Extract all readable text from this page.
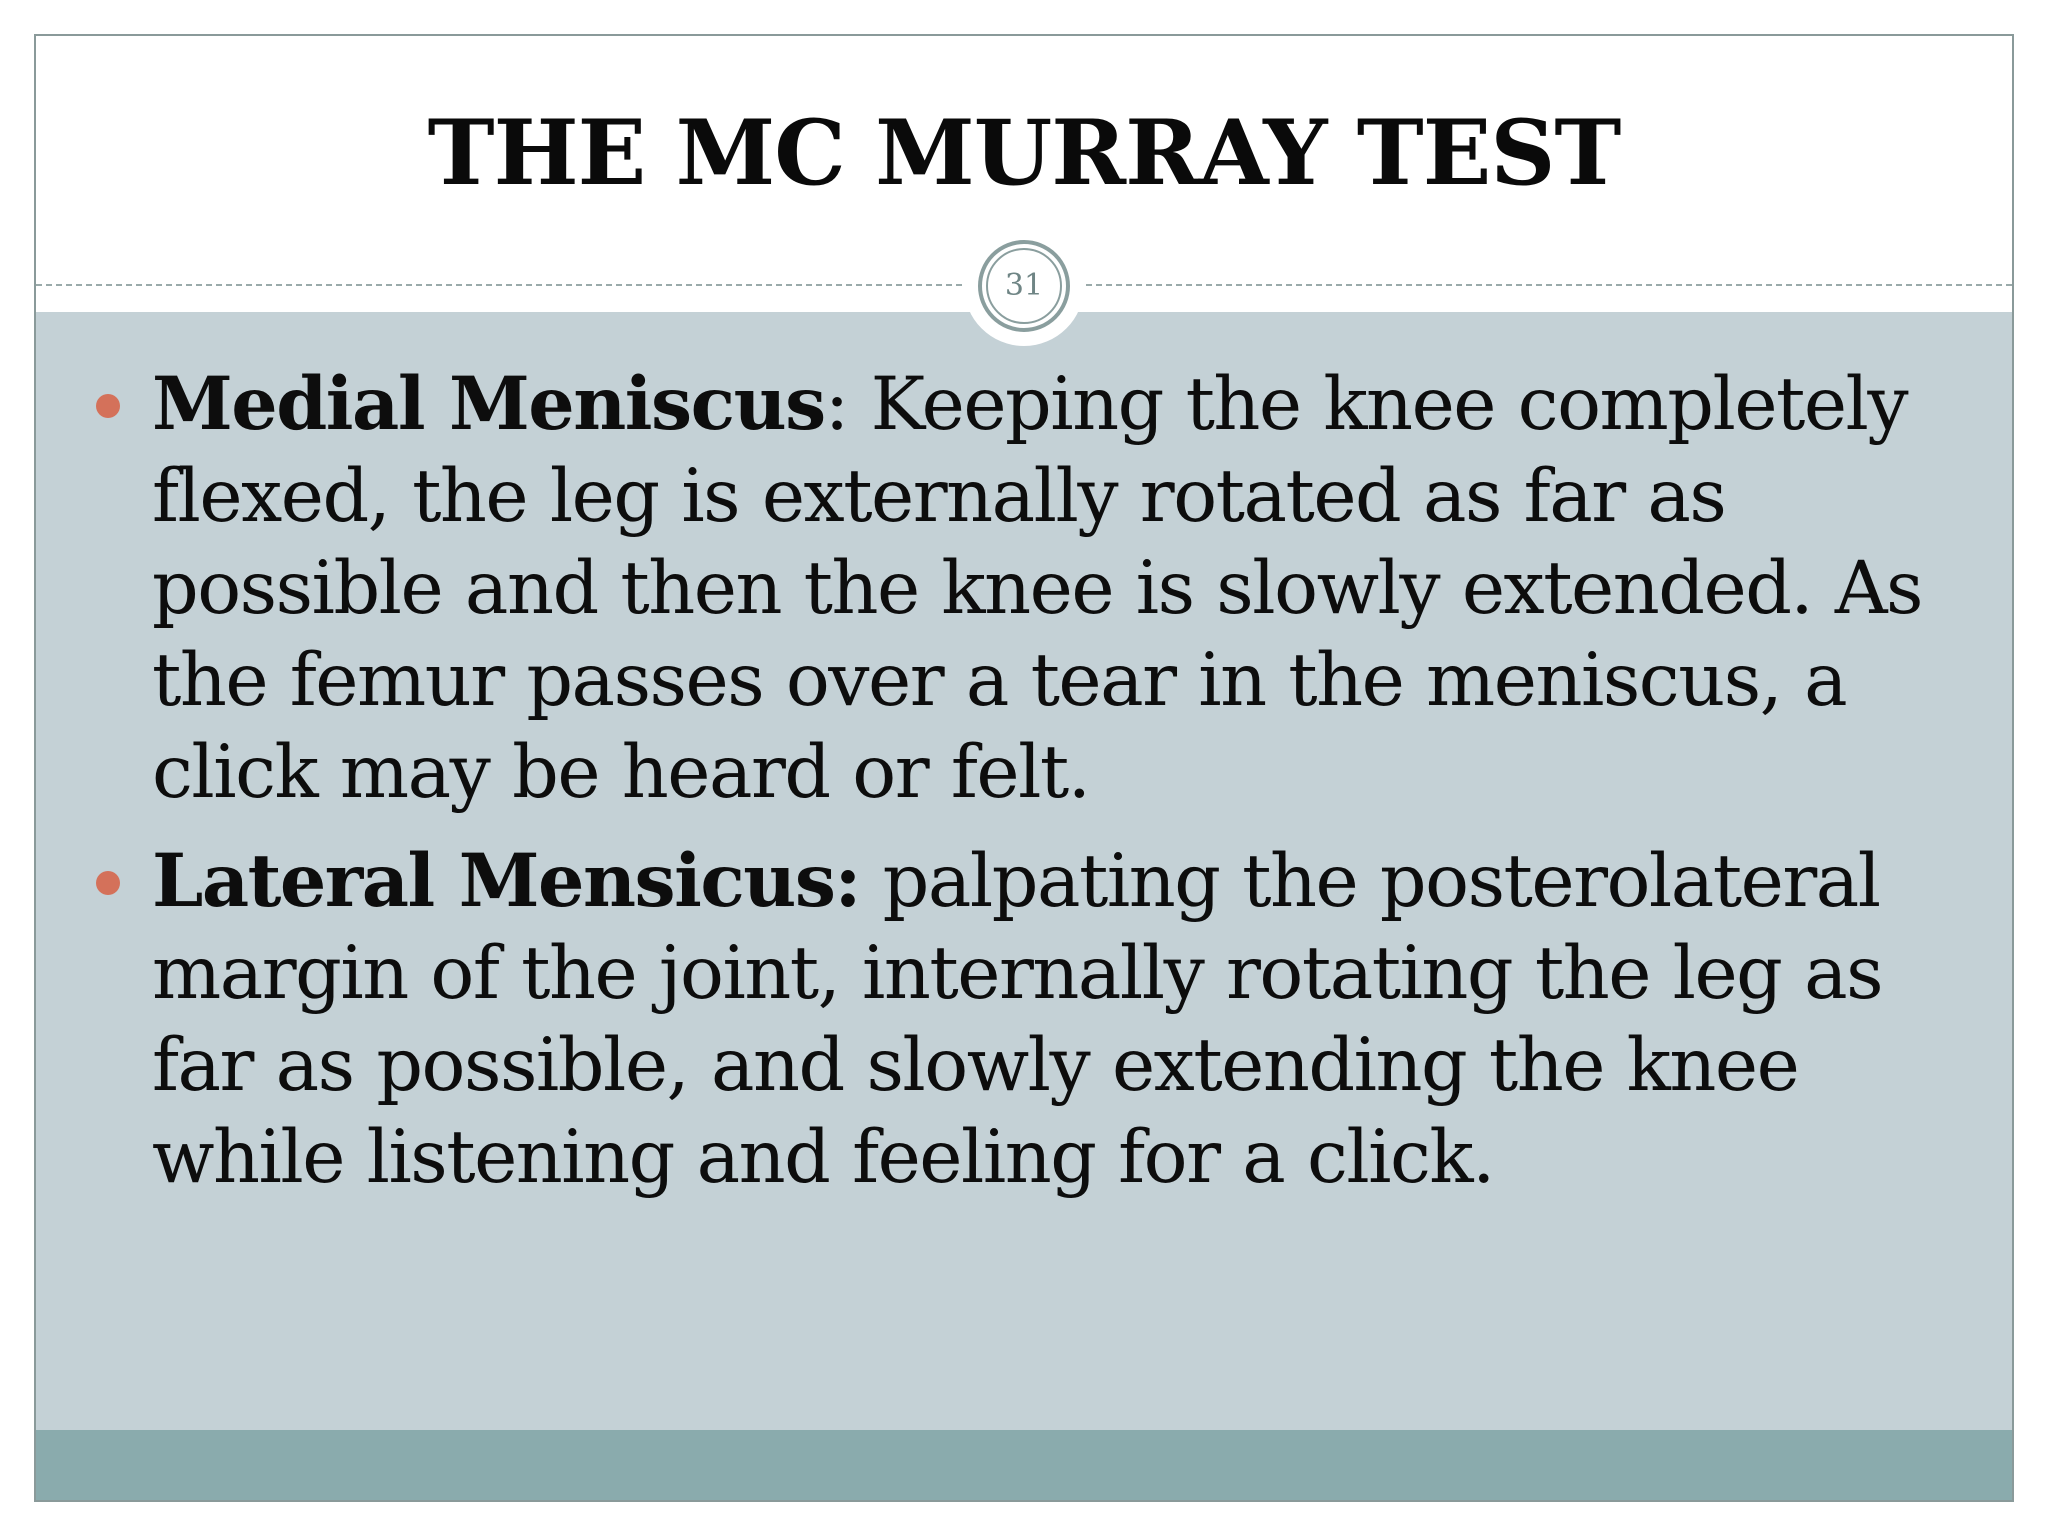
THE MC MURRAY TEST
31
Medial Meniscus: Keeping the knee completely flexed, the leg is externally rotated as far as possible and then the knee is slowly extended. As the femur passes over a tear in the meniscus, a click may be heard or felt.
Lateral Mensicus: palpating the posterolateral margin of the joint, internally rotating the leg as far as possible, and slowly extending the knee while listening and feeling for a click.
